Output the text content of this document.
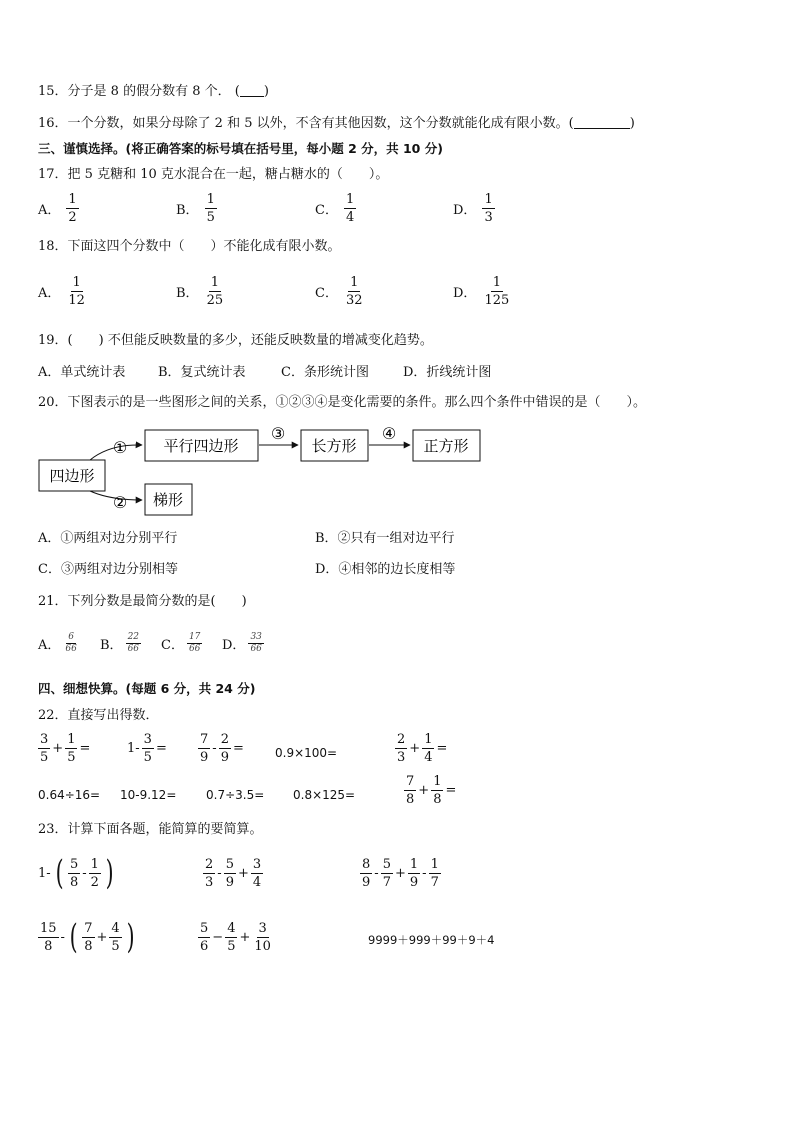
15．分子是 8 的假分数有 8 个． ( )
16．一个分数，如果分母除了 2 和 5 以外，不含有其他因数，这个分数就能化成有限小数。(	)
三、谨慎选择。(将正确答案的标号填在括号里，每小题 2 分，共 10 分)
17．把 5 克糖和 10 克水混合在一起，糖占糖水的（　　）。
A． $\frac{1}{2}$	B． $\frac{1}{5}$	C． $\frac{1}{4}$	D． $\frac{1}{3}$
18．下面这四个分数中（　　）不能化成有限小数。
A． $\frac{1}{12}$	B． $\frac{1}{25}$	C． $\frac{1}{32}$	D． $\frac{1}{125}$
19．(　　) 不但能反映数量的多少，还能反映数量的增减变化趋势。
A．单式统计表	B．复式统计表	C．条形统计图	D．折线统计图
20．下图表示的是一些图形之间的关系，①②③④是变化需要的条件。那么四个条件中错误的是（　　）。
四边形
平行四边形	长方形	正方形
梯形
①
②
③	④
A．①两组对边分别平行	B．②只有一组对边平行
C．③两组对边分别相等	D．④相邻的边长度相等
21．下列分数是最简分数的是(　　)
A． $\frac{6}{66}$ B． $\frac{22}{66}$ C． $\frac{17}{66}$ D． $\frac{33}{66}$
四、细想快算。(每题 6 分，共 24 分)
22．直接写出得数．
$\frac{3}{5} + \frac{1}{5}$ =	$1- \frac{3}{5} = \frac{7}{9} - \frac{2}{9}$ =	0.9×100=	$\frac{2}{3} + \frac{1}{4}$ =
0.64÷16= 10-9.12= 0.7÷3.5= 0.8×125=	$\frac{7}{8} + \frac{1}{8}$ =
23．计算下面各题，能简算的要简算。
1- ( $\frac{5}{8} - \frac{1}{2}$ )	$\frac{2}{3} - \frac{5}{9} + \frac{3}{4}$	$\frac{8}{9} - \frac{5}{7} + \frac{1}{9} - \frac{1}{7}$
$\frac{15}{8}$ - ( $\frac{7}{8} + \frac{4}{5}$ )	$\frac{5}{6} - \frac{4}{5} + \frac{3}{10}$	9999＋999＋99＋9＋4
